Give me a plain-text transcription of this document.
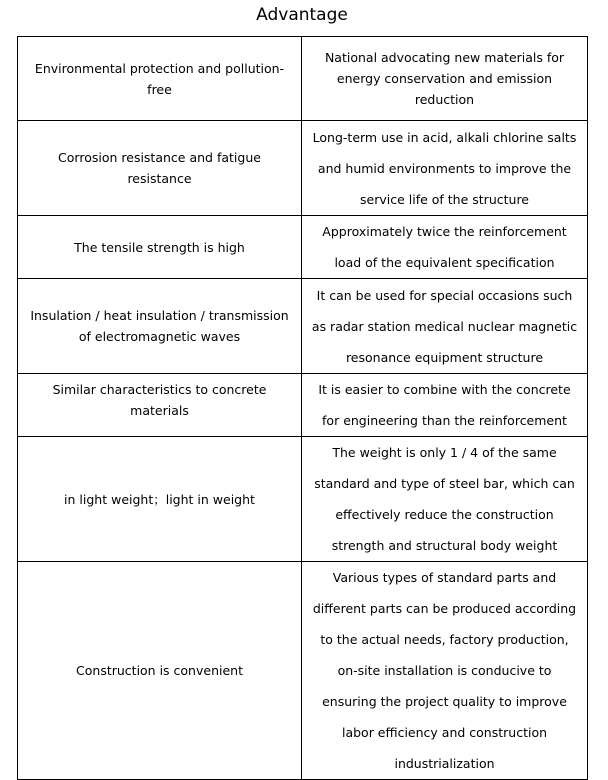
Advantage
Environmental protection and pollution-free	National advocating new materials for energy conservation and emission reduction
Corrosion resistance and fatigue resistance	Long-term use in acid, alkali chlorine salts and humid environments to improve the service life of the structure
The tensile strength is high	Approximately twice the reinforcement load of the equivalent specification
Insulation / heat insulation / transmission of electromagnetic waves	It can be used for special occasions such as radar station medical nuclear magnetic resonance equipment structure
Similar characteristics to concrete materials	It is easier to combine with the concrete for engineering than the reinforcement
in light weight；light in weight	The weight is only 1 / 4 of the same standard and type of steel bar, which can effectively reduce the construction strength and structural body weight
Construction is convenient	Various types of standard parts and different parts can be produced according to the actual needs, factory production, on-site installation is conducive to ensuring the project quality to improve labor efficiency and construction industrialization
